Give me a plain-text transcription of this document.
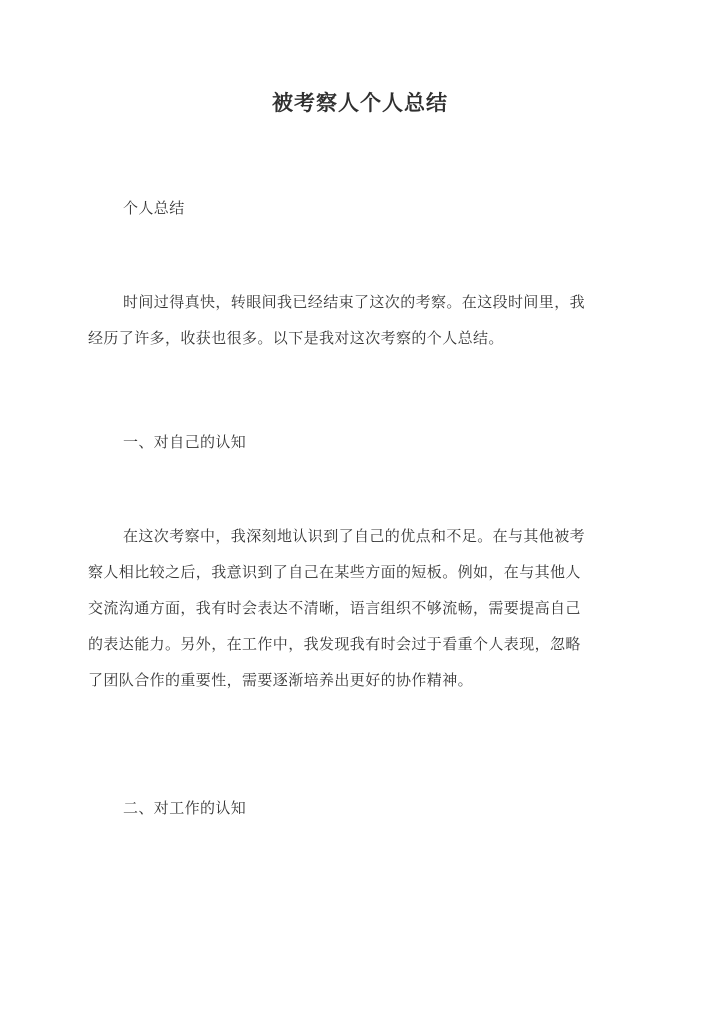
被考察人个人总结
个人总结
时间过得真快，转眼间我已经结束了这次的考察。在这段时间里，我
经历了许多，收获也很多。以下是我对这次考察的个人总结。
一、对自己的认知
在这次考察中，我深刻地认识到了自己的优点和不足。在与其他被考
察人相比较之后，我意识到了自己在某些方面的短板。例如，在与其他人
交流沟通方面，我有时会表达不清晰，语言组织不够流畅，需要提高自己
的表达能力。另外，在工作中，我发现我有时会过于看重个人表现，忽略
了团队合作的重要性，需要逐渐培养出更好的协作精神。
二、对工作的认知
